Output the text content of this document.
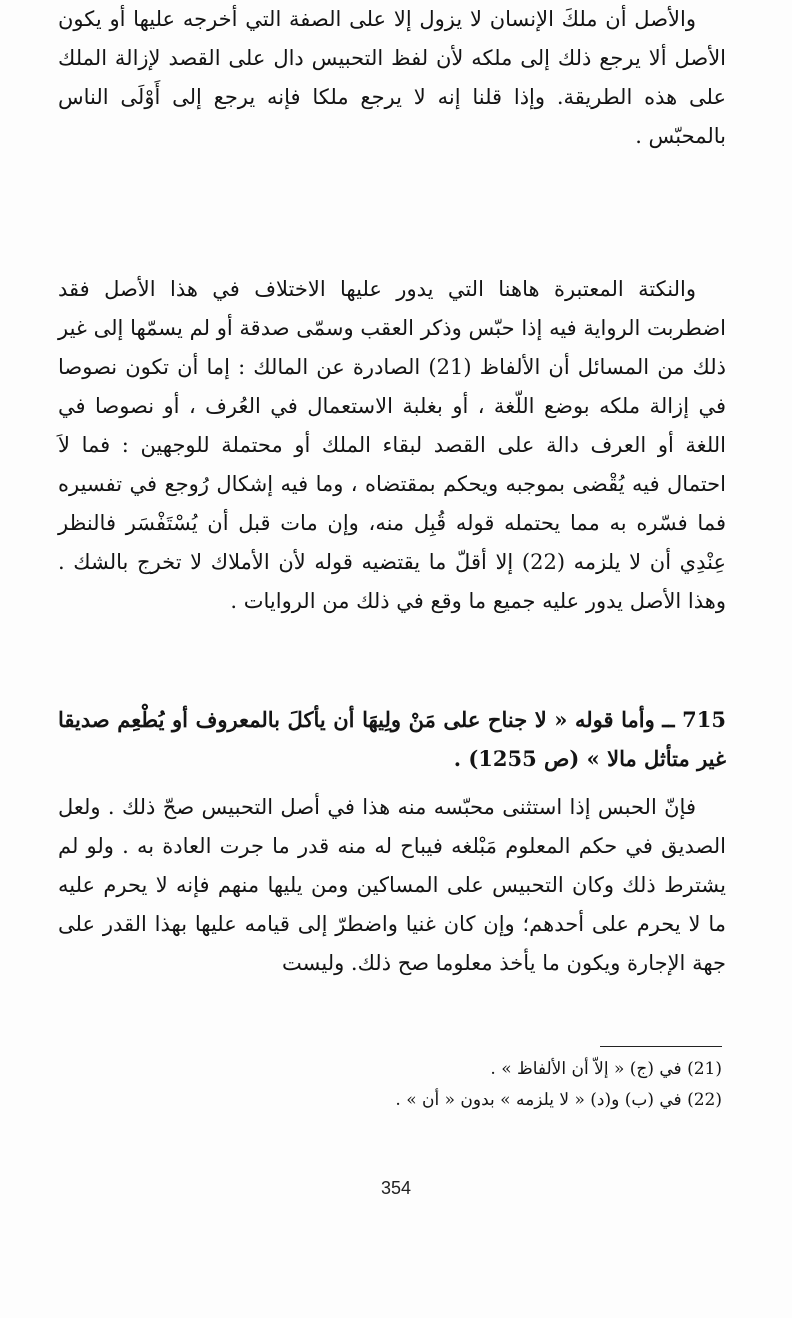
والأصل أن ملكَ الإنسان لا يزول إلا على الصفة التي أخرجه عليها أو يكون الأصل ألا يرجع ذلك إلى ملكه لأن لفظ التحبيس دال على القصد لإزالة الملك على هذه الطريقة. وإذا قلنا إنه لا يرجع ملكا فإنه يرجع إلى أَوْلَى الناس بالمحبّس .

والنكتة المعتبرة هاهنا التي يدور عليها الاختلاف في هذا الأصل فقد اضطربت الرواية فيه إذا حبّس وذكر العقب وسمّى صدقة أو لم يسمّها إلى غير ذلك من المسائل أن الألفاظ (21) الصادرة عن المالك : إما أن تكون نصوصا في إزالة ملكه بوضع اللّغة ، أو بغلبة الاستعمال في العُرف ، أو نصوصا في اللغة أو العرف دالة على القصد لبقاء الملك أو محتملة للوجهين : فما لاَ احتمال فيه يُقْضى بموجبه ويحكم بمقتضاه ، وما فيه إشكال رُوجع في تفسيره فما فسّره به مما يحتمله قوله قُبِل منه، وإن مات قبل أن يُسْتَفْسَر فالنظر عِنْدِي أن لا يلزمه (22) إلا أقلّ ما يقتضيه قوله لأن الأملاك لا تخرج بالشك . وهذا الأصل يدور عليه جميع ما وقع في ذلك من الروايات .

715 ــ وأما قوله « لا جناح على مَنْ ولِيهَا أن يأكلَ بالمعروف أو يُطْعِم صديقا غير متأثل مالا » (ص 1255) .

فإنّ الحبس إذا استثنى محبّسه منه هذا في أصل التحبيس صحّ ذلك . ولعل الصديق في حكم المعلوم مَبْلغه فيباح له منه قدر ما جرت العادة به . ولو لم يشترط ذلك وكان التحبيس على المساكين ومن يليها منهم فإنه لا يحرم عليه ما لا يحرم على أحدهم؛ وإن كان غنيا واضطرّ إلى قيامه عليها بهذا القدر على جهة الإجارة ويكون ما يأخذ معلوما صح ذلك. وليست

(21) في (ج) « إلاّ أن الألفاظ » .

(22) في (ب) و(د) « لا يلزمه » بدون « أن » .

354
